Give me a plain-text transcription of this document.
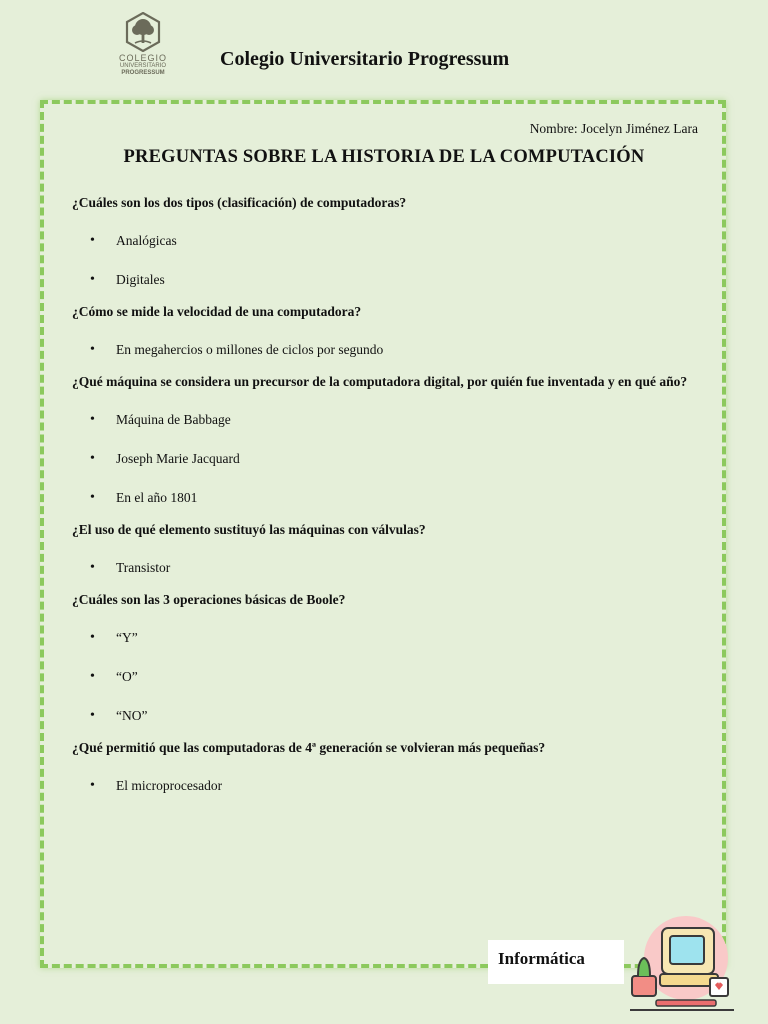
COLEGIO
UNIVERSITARIO
PROGRESSUM
Colegio Universitario Progressum
Nombre: Jocelyn Jiménez Lara
PREGUNTAS SOBRE LA HISTORIA DE LA COMPUTACIÓN

¿Cuáles son los dos tipos (clasificación) de computadoras?

• Analógicas
• Digitales

¿Cómo se mide la velocidad de una computadora?

• En megahercios o millones de ciclos por segundo

¿Qué máquina se considera un precursor de la computadora digital, por quién fue inventada y en qué año?

• Máquina de Babbage
• Joseph Marie Jacquard
• En el año 1801

¿El uso de qué elemento sustituyó las máquinas con válvulas?

• Transistor

¿Cuáles son las 3 operaciones básicas de Boole?

• “Y”
• “O”
• “NO”

¿Qué permitió que las computadoras de 4ª generación se volvieran más pequeñas?

• El microprocesador
Informática
